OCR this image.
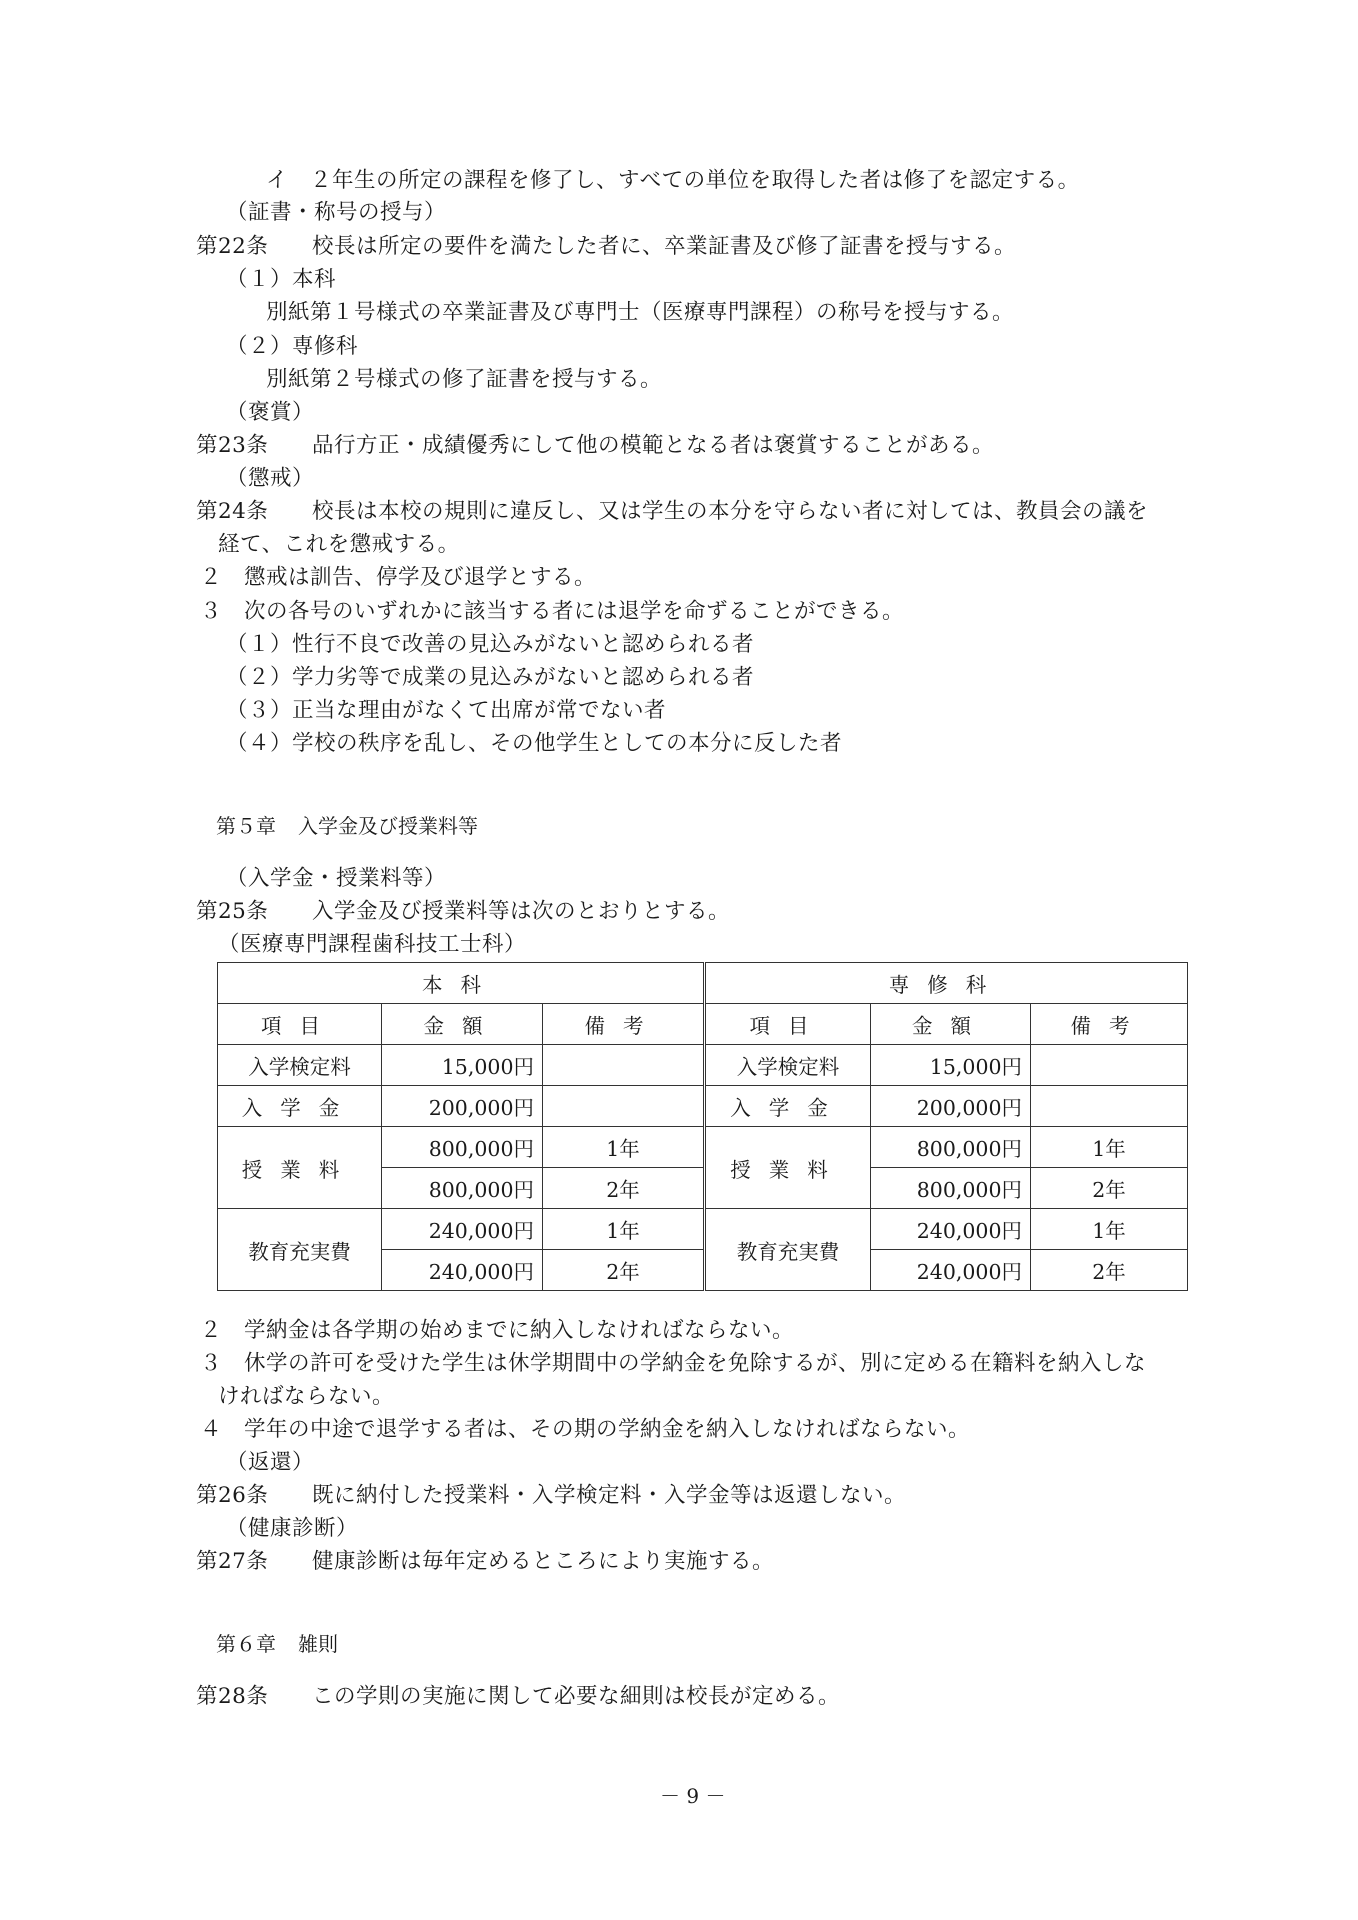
イ　２年生の所定の課程を修了し、すべての単位を取得した者は修了を認定する。
（証書・称号の授与）
第22条 校長は所定の要件を満たした者に、卒業証書及び修了証書を授与する。
（１）本科
別紙第１号様式の卒業証書及び専門士（医療専門課程）の称号を授与する。
（２）専修科
別紙第２号様式の修了証書を授与する。
（褒賞）
第23条 品行方正・成績優秀にして他の模範となる者は褒賞することがある。
（懲戒）
第24条 校長は本校の規則に違反し、又は学生の本分を守らない者に対しては、教員会の議を
経て、これを懲戒する。
２　懲戒は訓告、停学及び退学とする。
３　次の各号のいずれかに該当する者には退学を命ずることができる。
（１）性行不良で改善の見込みがないと認められる者
（２）学力劣等で成業の見込みがないと認められる者
（３）正当な理由がなくて出席が常でない者
（４）学校の秩序を乱し、その他学生としての本分に反した者
第５章 入学金及び授業料等
（入学金・授業料等）
第25条 入学金及び授業料等は次のとおりとする。
（医療専門課程歯科技工士科）
本科			専修科		
項目	金額	備考	項目	金額	備考
入学検定料	15,000円		入学検定料	15,000円	
入学金	200,000円		入学金	200,000円	
授業料	800,000円	1年	授業料	800,000円	1年
	800,000円	2年		800,000円	2年
教育充実費	240,000円	1年	教育充実費	240,000円	1年
	240,000円	2年		240,000円	2年
２　学納金は各学期の始めまでに納入しなければならない。
３　休学の許可を受けた学生は休学期間中の学納金を免除するが、別に定める在籍料を納入しな
ければならない。
４　学年の中途で退学する者は、その期の学納金を納入しなければならない。
（返還）
第26条 既に納付した授業料・入学検定料・入学金等は返還しない。
（健康診断）
第27条 健康診断は毎年定めるところにより実施する。
第６章 雑則
第28条 この学則の実施に関して必要な細則は校長が定める。
－ 9 －
